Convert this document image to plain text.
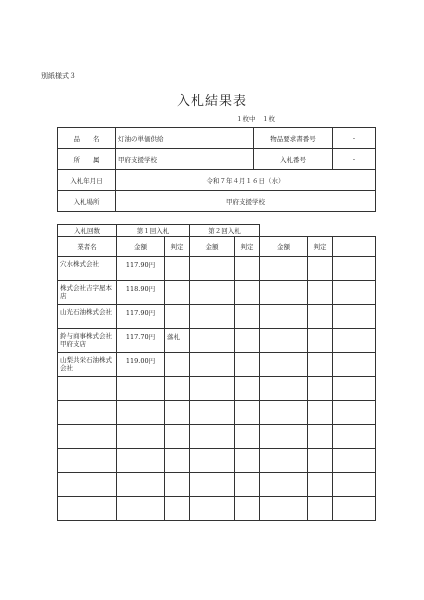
別紙様式３
入札結果表
１枚中　１枚
品　　名	灯油の単価供給	物品要求書番号	-
所　　属	甲府支援学校	入札番号	-
入札年月日	令和７年４月１６日（水）		
入札場所	甲府支援学校		
入札回数	第１回入札		第２回入札				
業者名	金額	判定	金額	判定	金額	判定	
穴水株式会社	117.90円						
株式会社吉字屋本店	118.90円						
山光石油株式会社	117.90円						
鈴与商事株式会社甲府支店	117.70円	落札					
山梨共栄石油株式会社	119.00円						
